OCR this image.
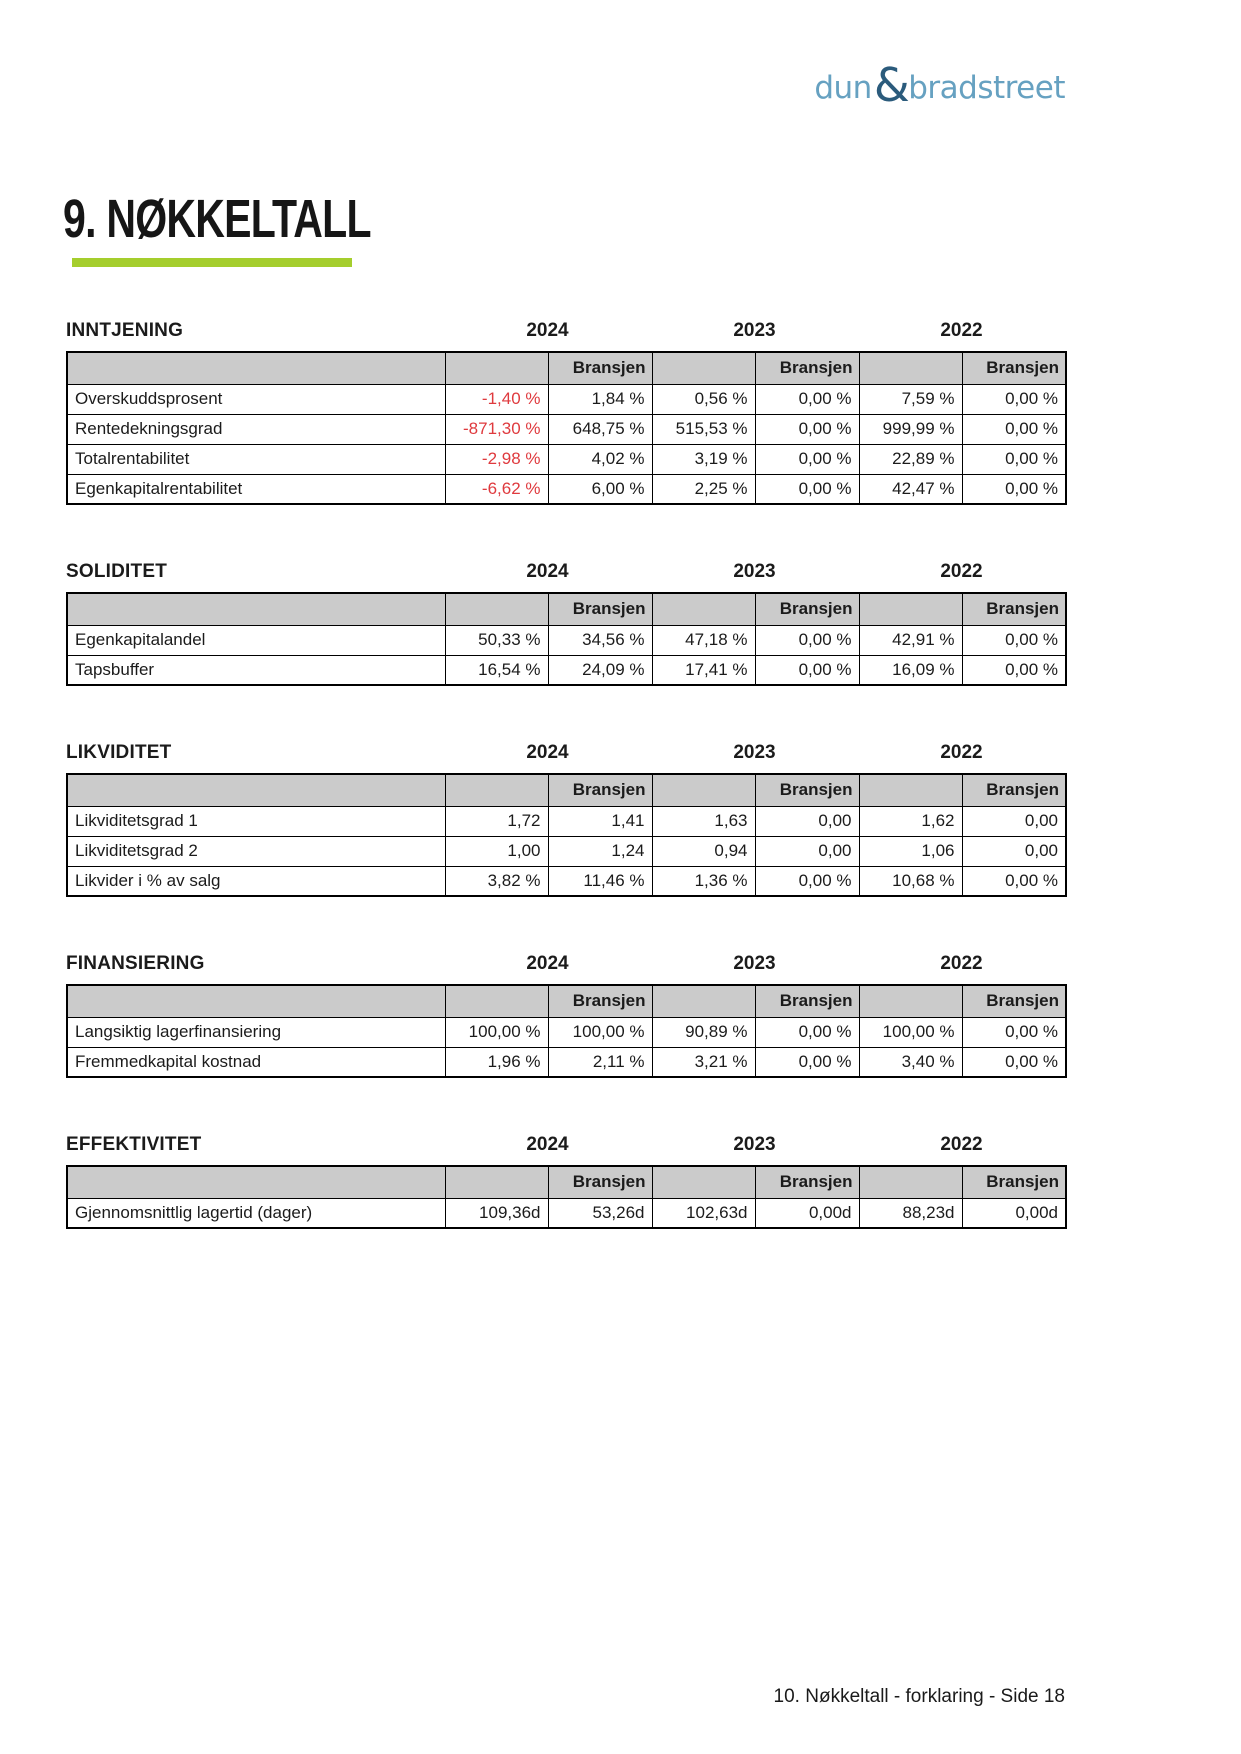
dun & bradstreet
9. NØKKELTALL
INNTJENING	2024	2023	2022
		Bransjen		Bransjen		Bransjen
Overskuddsprosent	-1,40 %	1,84 %	0,56 %	0,00 %	7,59 %	0,00 %
Rentedekningsgrad	-871,30 %	648,75 %	515,53 %	0,00 %	999,99 %	0,00 %
Totalrentabilitet	-2,98 %	4,02 %	3,19 %	0,00 %	22,89 %	0,00 %
Egenkapitalrentabilitet	-6,62 %	6,00 %	2,25 %	0,00 %	42,47 %	0,00 %
SOLIDITET	2024	2023	2022
		Bransjen		Bransjen		Bransjen
Egenkapitalandel	50,33 %	34,56 %	47,18 %	0,00 %	42,91 %	0,00 %
Tapsbuffer	16,54 %	24,09 %	17,41 %	0,00 %	16,09 %	0,00 %
LIKVIDITET	2024	2023	2022
		Bransjen		Bransjen		Bransjen
Likviditetsgrad 1	1,72	1,41	1,63	0,00	1,62	0,00
Likviditetsgrad 2	1,00	1,24	0,94	0,00	1,06	0,00
Likvider i % av salg	3,82 %	11,46 %	1,36 %	0,00 %	10,68 %	0,00 %
FINANSIERING	2024	2023	2022
		Bransjen		Bransjen		Bransjen
Langsiktig lagerfinansiering	100,00 %	100,00 %	90,89 %	0,00 %	100,00 %	0,00 %
Fremmedkapital kostnad	1,96 %	2,11 %	3,21 %	0,00 %	3,40 %	0,00 %
EFFEKTIVITET	2024	2023	2022
		Bransjen		Bransjen		Bransjen
Gjennomsnittlig lagertid (dager)	109,36d	53,26d	102,63d	0,00d	88,23d	0,00d
10. Nøkkeltall - forklaring - Side 18
